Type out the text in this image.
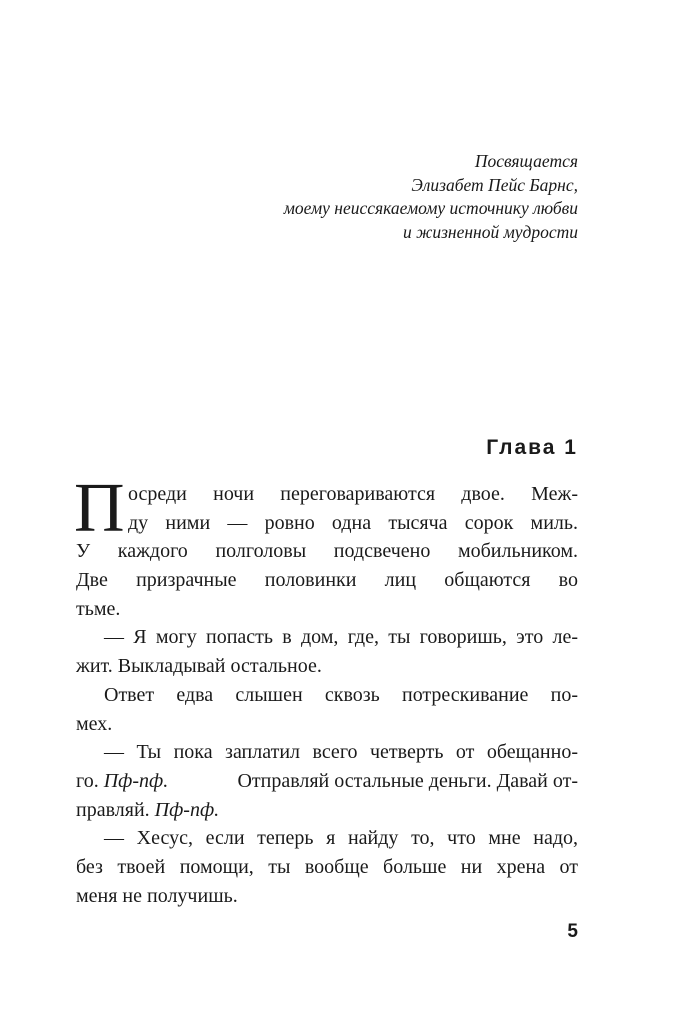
Посвящается
Элизабет Пейс Барнс,
моему неиссякаемому источнику любви
и жизненной мудрости
Глава 1
П осреди ночи переговариваются двое. Меж-
ду ними — ровно одна тысяча сорок миль.
У каждого полголовы подсвечено мобильником.
Две призрачные половинки лиц общаются во
тьме.
— Я могу попасть в дом, где, ты говоришь, это ле-
жит. Выкладывай остальное.
Ответ едва слышен сквозь потрескивание по-
мех.
— Ты пока заплатил всего четверть от обещанно-
го. Пф-пф.	Отправляй остальные деньги. Давай от-
правляй. Пф-пф.
— Хесус, если теперь я найду то, что мне надо,
без твоей помощи, ты вообще больше ни хрена от
меня не получишь.
5
